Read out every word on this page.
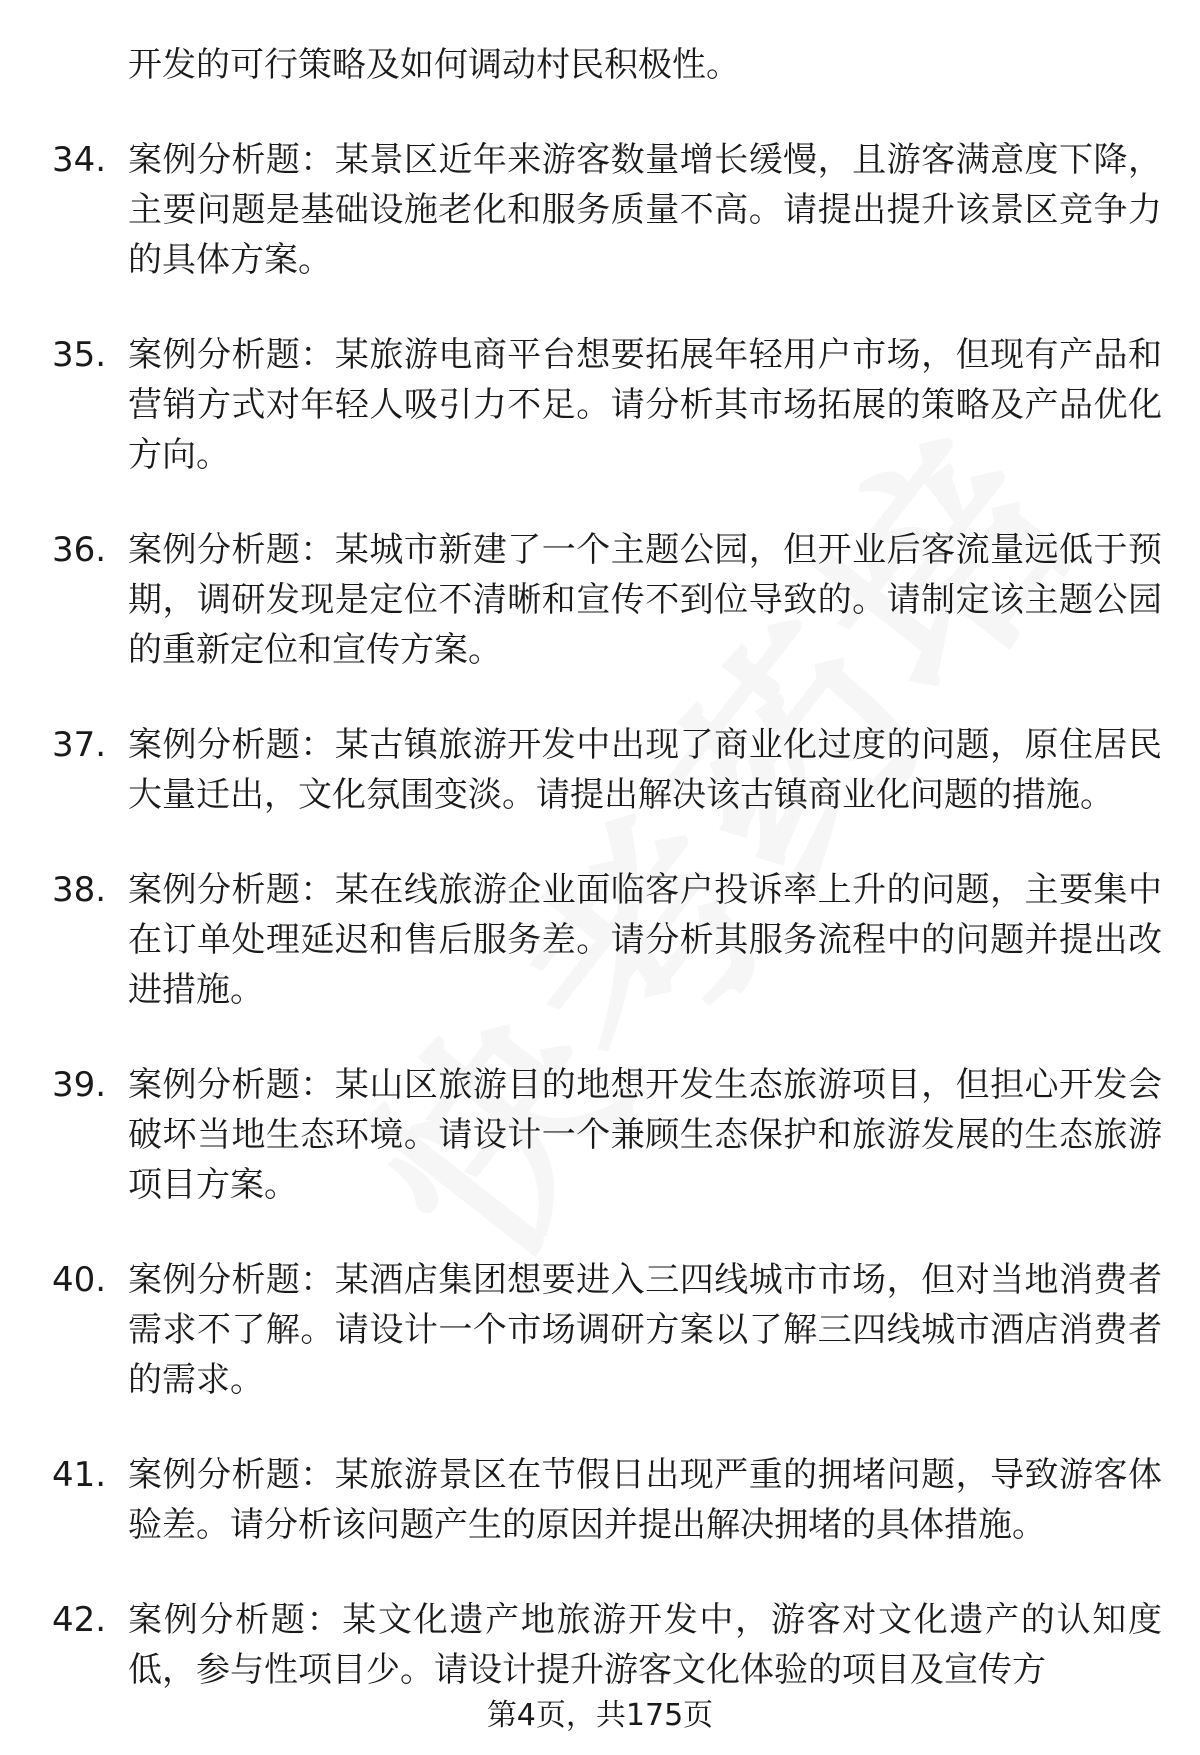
开发的可行策略及如何调动村民积极性。
34. 案例分析题：某景区近年来游客数量增长缓慢，且游客满意度下降，主要问题是基础设施老化和服务质量不高。请提出提升该景区竞争力的具体方案。
35. 案例分析题：某旅游电商平台想要拓展年轻用户市场，但现有产品和营销方式对年轻人吸引力不足。请分析其市场拓展的策略及产品优化方向。
36. 案例分析题：某城市新建了一个主题公园，但开业后客流量远低于预期，调研发现是定位不清晰和宣传不到位导致的。请制定该主题公园的重新定位和宣传方案。
37. 案例分析题：某古镇旅游开发中出现了商业化过度的问题，原住居民大量迁出，文化氛围变淡。请提出解决该古镇商业化问题的措施。
38. 案例分析题：某在线旅游企业面临客户投诉率上升的问题，主要集中在订单处理延迟和售后服务差。请分析其服务流程中的问题并提出改进措施。
39. 案例分析题：某山区旅游目的地想开发生态旅游项目，但担心开发会破坏当地生态环境。请设计一个兼顾生态保护和旅游发展的生态旅游项目方案。
40. 案例分析题：某酒店集团想要进入三四线城市市场，但对当地消费者需求不了解。请设计一个市场调研方案以了解三四线城市酒店消费者的需求。
41. 案例分析题：某旅游景区在节假日出现严重的拥堵问题，导致游客体验差。请分析该问题产生的原因并提出解决拥堵的具体措施。
42. 案例分析题：某文化遗产地旅游开发中，游客对文化遗产的认知度低，参与性项目少。请设计提升游客文化体验的项目及宣传方
第4页，共175页
